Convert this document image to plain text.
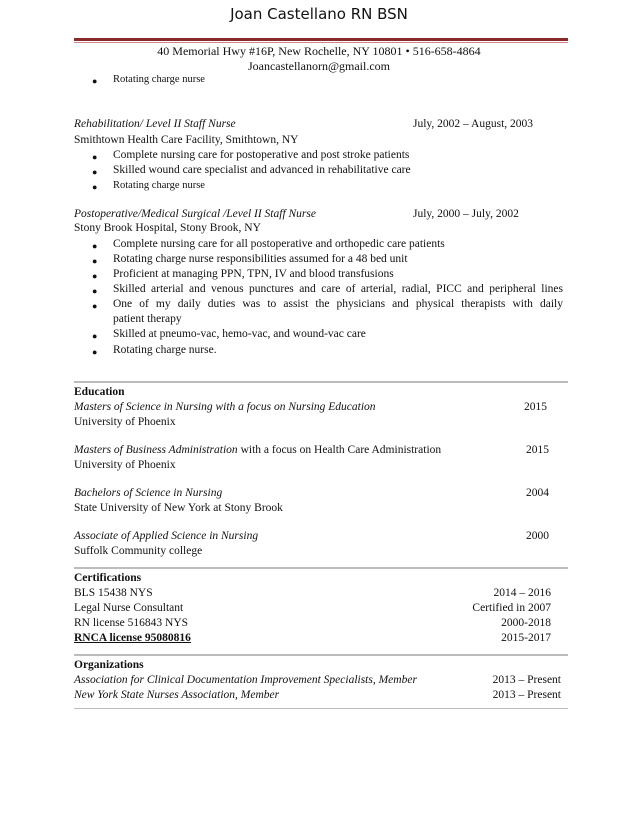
Joan Castellano RN BSN
40 Memorial Hwy #16P, New Rochelle, NY 10801 • 516-658-4864
Joancastellanorn@gmail.com
● Rotating charge nurse
Rehabilitation/ Level II Staff Nurse	July, 2002 – August, 2003
Smithtown Health Care Facility, Smithtown, NY
● Complete nursing care for postoperative and post stroke patients
● Skilled wound care specialist and advanced in rehabilitative care
● Rotating charge nurse
Postoperative/Medical Surgical /Level II Staff Nurse	July, 2000 – July, 2002
Stony Brook Hospital, Stony Brook, NY
● Complete nursing care for all postoperative and orthopedic care patients
● Rotating charge nurse responsibilities assumed for a 48 bed unit
● Proficient at managing PPN, TPN, IV and blood transfusions
● Skilled arterial and venous punctures and care of arterial, radial, PICC and peripheral lines
● One of my daily duties was to assist the physicians and physical therapists with daily
patient therapy
● Skilled at pneumo-vac, hemo-vac, and wound-vac care
● Rotating charge nurse.
Education
Masters of Science in Nursing with a focus on Nursing Education	2015
University of Phoenix
Masters of Business Administration with a focus on Health Care Administration	2015
University of Phoenix
Bachelors of Science in Nursing	2004
State University of New York at Stony Brook
Associate of Applied Science in Nursing	2000
Suffolk Community college
Certifications
BLS 15438 NYS	2014 – 2016
Legal Nurse Consultant	Certified in 2007
RN license 516843 NYS	2000-2018
RNCA license 95080816	2015-2017
Organizations
Association for Clinical Documentation Improvement Specialists, Member	2013 – Present
New York State Nurses Association, Member	2013 – Present
